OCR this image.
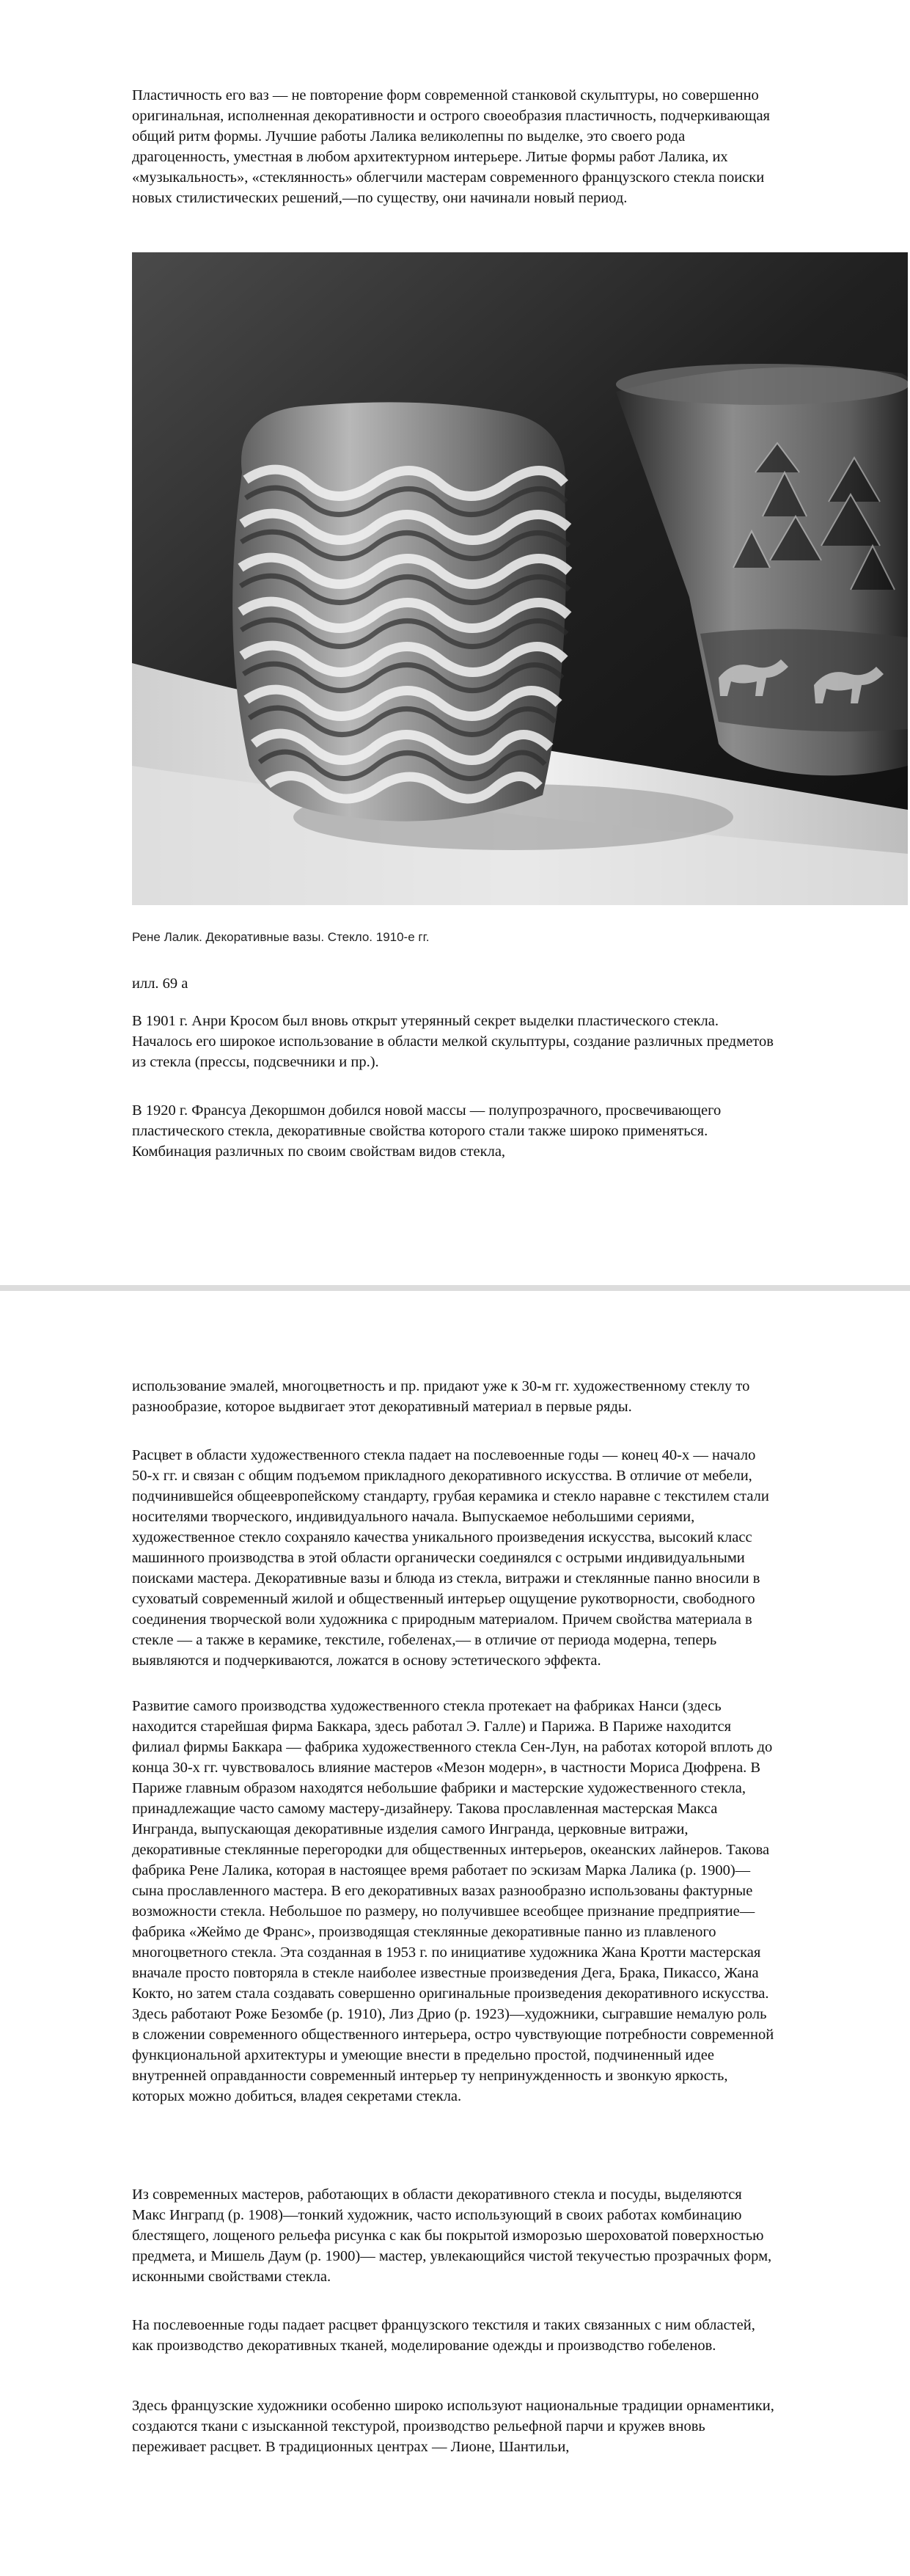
Пластичность его ваз — не повторение форм современной станковой скульптуры, но совершенно оригинальная, исполненная декоративности и острого своеобразия пластичность, подчеркивающая общий ритм формы. Лучшие работы Лалика великолепны по выделке, это своего рода драгоценность, уместная в любом архитектурном интерьере. Литые формы работ Лалика, их «музыкальность», «стеклянность» облегчили мастерам современного французского стекла поиски новых стилистических решений,—по существу, они начинали новый период.

Рене Лалик. Декоративные вазы. Стекло. 1910-е гг.

илл. 69 а

В 1901 г. Анри Кросом был вновь открыт утерянный секрет выделки пластического стекла. Началось его широкое использование в области мелкой скульптуры, создание различных предметов из стекла (прессы, подсвечники и пр.).

В 1920 г. Франсуа Декоршмон добился новой массы — полупрозрачного, просвечивающего пластического стекла, декоративные свойства которого стали также широко применяться. Комбинация различных по своим свойствам видов стекла,

использование эмалей, многоцветность и пр. придают уже к 30-м гг. художественному стеклу то разнообразие, которое выдвигает этот декоративный материал в первые ряды.

Расцвет в области художественного стекла падает на послевоенные годы — конец 40-х — начало 50-х гг. и связан с общим подъемом прикладного декоративного искусства. В отличие от мебели, подчинившейся общеевропейскому стандарту, грубая керамика и стекло наравне с текстилем стали носителями творческого, индивидуального начала. Выпускаемое небольшими сериями, художественное стекло сохраняло качества уникального произведения искусства, высокий класс машинного производства в этой области органически соединялся с острыми индивидуальными поисками мастера. Декоративные вазы и блюда из стекла, витражи и стеклянные панно вносили в суховатый современный жилой и общественный интерьер ощущение рукотворности, свободного соединения творческой воли художника с природным материалом. Причем свойства материала в стекле — а также в керамике, текстиле, гобеленах,— в отличие от периода модерна, теперь выявляются и подчеркиваются, ложатся в основу эстетического эффекта.

Развитие самого производства художественного стекла протекает на фабриках Нанси (здесь находится старейшая фирма Баккара, здесь работал Э. Галле) и Парижа. В Париже находится филиал фирмы Баккара — фабрика художественного стекла Сен-Лун, на работах которой вплоть до конца 30-х гг. чувствовалось влияние мастеров «Мезон модерн», в частности Мориса Дюфрена. В Париже главным образом находятся небольшие фабрики и мастерские художественного стекла, принадлежащие часто самому мастеру-дизайнеру. Такова прославленная мастерская Макса Ингранда, выпускающая декоративные изделия самого Ингранда, церковные витражи, декоративные стеклянные перегородки для общественных интерьеров, океанских лайнеров. Такова фабрика Рене Лалика, которая в настоящее время работает по эскизам Марка Лалика (р. 1900)— сына прославленного мастера. В его декоративных вазах разнообразно использованы фактурные возможности стекла. Небольшое по размеру, но получившее всеобщее признание предприятие— фабрика «Жеймо де Франс», производящая стеклянные декоративные панно из плавленого многоцветного стекла. Эта созданная в 1953 г. по инициативе художника Жана Кротти мастерская вначале просто повторяла в стекле наиболее известные произведения Дега, Брака, Пикассо, Жана Кокто, но затем стала создавать совершенно оригинальные произведения декоративного искусства. Здесь работают Роже Безомбе (р. 1910), Лиз Дрио (р. 1923)—художники, сыгравшие немалую роль в сложении современного общественного интерьера, остро чувствующие потребности современной функциональной архитектуры и умеющие внести в предельно простой, подчиненный идее внутренней оправданности современный интерьер ту непринужденность и звонкую яркость, которых можно добиться, владея секретами стекла.

Из современных мастеров, работающих в области декоративного стекла и посуды, выделяются Макс Инграпд (р. 1908)—тонкий художник, часто использующий в своих работах комбинацию блестящего, лощеного рельефа рисунка с как бы покрытой изморозью шероховатой поверхностью предмета, и Мишель Даум (р. 1900)— мастер, увлекающийся чистой текучестью прозрачных форм, исконными свойствами стекла.

На послевоенные годы падает расцвет французского текстиля и таких связанных с ним областей, как производство декоративных тканей, моделирование одежды и производство гобеленов.

Здесь французские художники особенно широко используют национальные традиции орнаментики, создаются ткани с изысканной текстурой, производство рельефной парчи и кружев вновь переживает расцвет. В традиционных центрах — Лионе, Шантильи,
